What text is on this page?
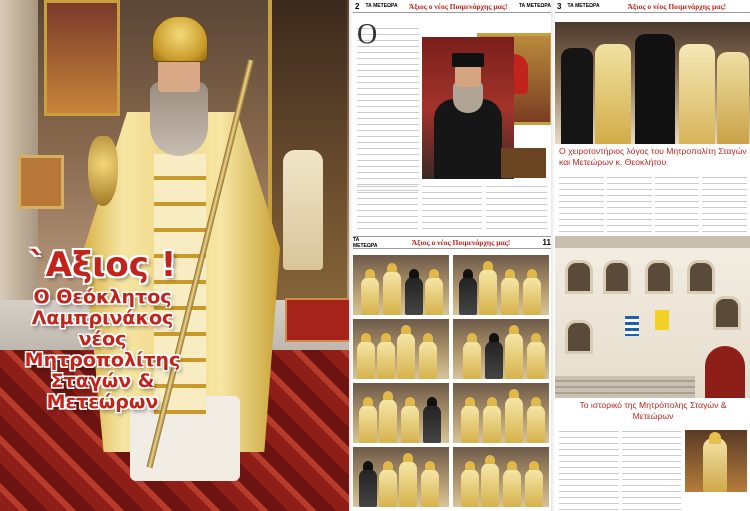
`Αξιος !
Ο Θεόκλητος
Λαμπρινάκος
νέος
Μητροπολίτης
Σταγών &
Μετεώρων
2	ΤΑ ΜΕΤΕΩΡΑ	Άξιος ο νέος Ποιμενάρχης μας!	ΤΑ ΜΕΤΕΩΡΑ
Ο
ΤΑ ΜΕΤΕΩΡΑ	Άξιος ο νέος Ποιμενάρχης μας!	11
3	ΤΑ ΜΕΤΕΩΡΑ	Άξιος ο νέος Ποιμενάρχης μας!
Ο χειροτοντήριος λόγος του Μητροπολίτη Σταγών και Μετεώρων κ. Θεοκλήτου
Το ιστορικό της Μητρόπολης Σταγών & Μετεώρων
